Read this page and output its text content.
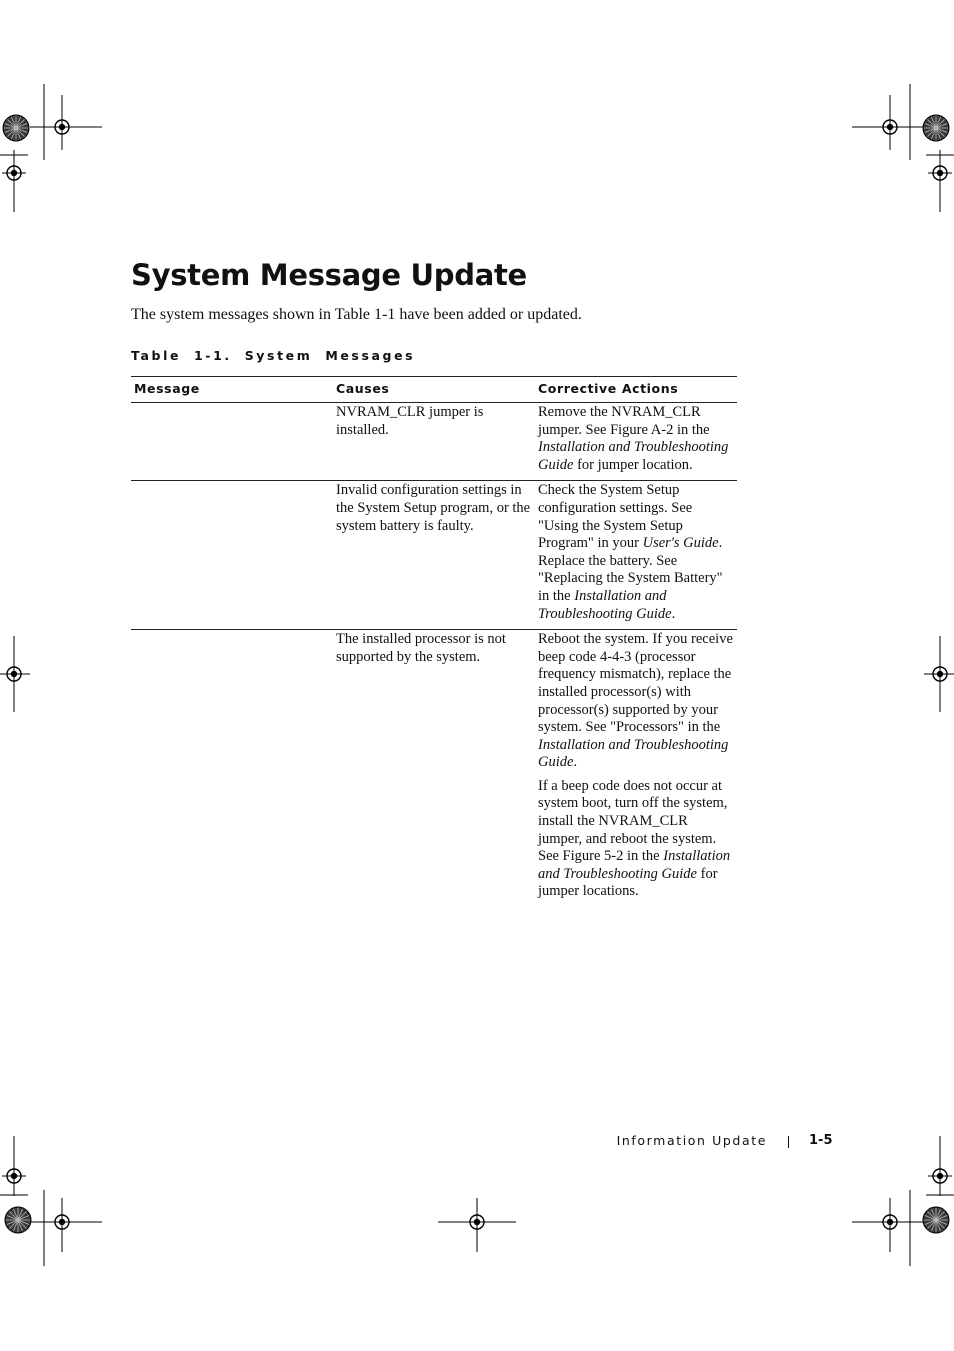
System Message Update

The system messages shown in Table 1-1 have been added or updated.

Table 1-1. System Messages

Message	Causes	Corrective Actions
	NVRAM_CLR jumper is installed.	Remove the NVRAM_CLR jumper. See Figure A-2 in the Installation and Troubleshooting Guide for jumper location.

	Invalid configuration settings in the System Setup program, or the system battery is faulty.	Check the System Setup configuration settings. See "Using the System Setup Program" in your User's Guide. Replace the battery. See "Replacing the System Battery" in the Installation and Troubleshooting Guide.

	The installed processor is not supported by the system.	Reboot the system. If you receive beep code 4-4-3 (processor frequency mismatch), replace the installed processor(s) with processor(s) supported by your system. See "Processors" in the Installation and Troubleshooting Guide.

If a beep code does not occur at system boot, turn off the system, install the NVRAM_CLR jumper, and reboot the system. See Figure 5-2 in the Installation and Troubleshooting Guide for jumper locations.

Information Update	1-5
